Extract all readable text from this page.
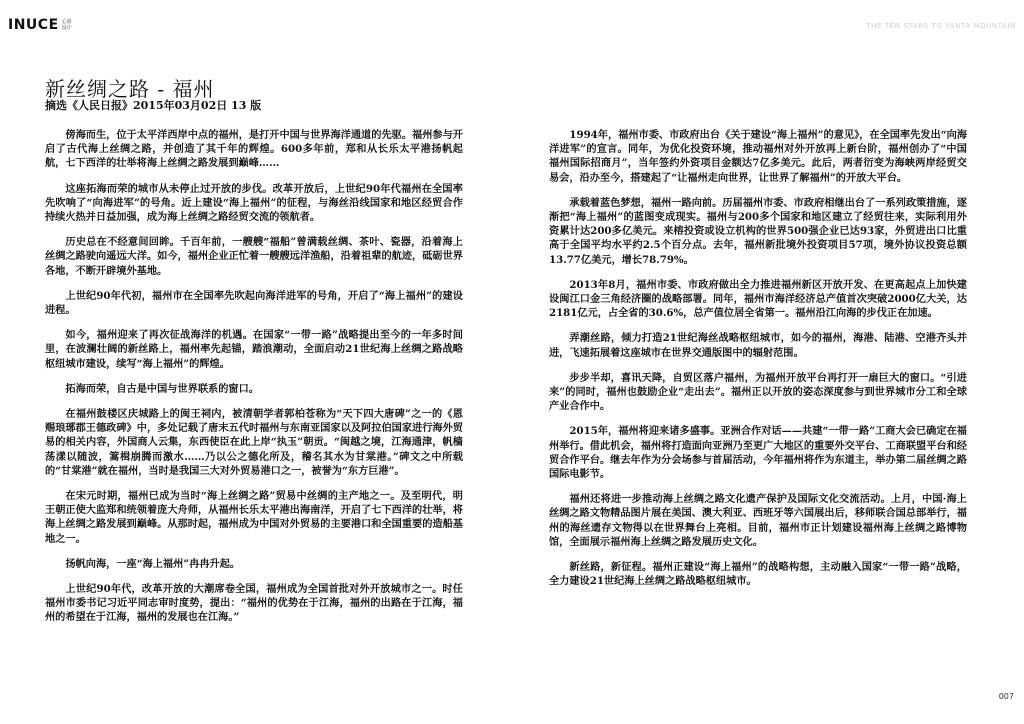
INUCE 心游
设计	THE TEN STARS TO YANTA MOUNTAIN
新丝绸之路 - 福州
摘选《人民日报》2015年03月02日 13 版

傍海而生，位于太平洋西岸中点的福州，是打开中国与世界海洋通道的先驱。福州参与开启了古代海上丝绸之路，并创造了其千年的辉煌。600多年前，郑和从长乐太平港扬帆起航，七下西洋的壮举将海上丝绸之路发展到巅峰……

这座拓海而荣的城市从未停止过开放的步伐。改革开放后，上世纪90年代福州在全国率先吹响了“向海进军”的号角。近上建设“海上福州”的征程，与海丝沿线国家和地区经贸合作持续火热并日益加强，成为海上丝绸之路经贸交流的领航者。

历史总在不经意间回眸。千百年前，一艘艘“福船”曾满载丝绸、茶叶、瓷器，沿着海上丝绸之路驶向遥远大洋。如今，福州企业正忙着一艘艘远洋渔船，沿着祖辈的航迹，砥砺世界各地，不断开辟境外基地。

上世纪90年代初，福州市在全国率先吹起向海洋进军的号角，开启了“海上福州”的建设进程。

如今，福州迎来了再次征战海洋的机遇。在国家“一带一路”战略提出至今的一年多时间里，在波澜壮阔的新丝路上，福州率先起锚，踏浪潮动，全面启动21世纪海上丝绸之路战略枢纽城市建设，续写“海上福州”的辉煌。

拓海而荣，自古是中国与世界联系的窗口。

在福州鼓楼区庆城路上的闽王祠内，被清朝学者郭柏苍称为“天下四大唐碑”之一的《恩赐琅琊郡王德政碑》中，多处记载了唐末五代时福州与东南亚国家以及阿拉伯国家进行海外贸易的相关内容，外国商人云集，东西使臣在此上岸“执玉”朝贡。“闽越之境，江海通津，帆樯荡漾以随波，篙楫崩腾而激水……乃以公之德化所及，稽名其水为甘棠港。”碑文之中所载的“甘棠港”就在福州，当时是我国三大对外贸易港口之一，被誉为“东方巨港”。

在宋元时期，福州已成为当时“海上丝绸之路”贸易中丝绸的主产地之一。及至明代，明王朝正使大监郑和统领着庞大舟师，从福州长乐太平港出海南洋，开启了七下西洋的壮举，将海上丝绸之路发展到巅峰。从那时起，福州成为中国对外贸易的主要港口和全国重要的造船基地之一。

扬帆向海，一座“海上福州”冉冉升起。

上世纪90年代，改革开放的大潮席卷全国，福州成为全国首批对外开放城市之一。时任福州市委书记习近平同志审时度势，提出：“福州的优势在于江海，福州的出路在于江海，福州的希望在于江海，福州的发展也在江海。”

1994年，福州市委、市政府出台《关于建设“海上福州”的意见》，在全国率先发出“向海洋进军”的宣言。同年，为优化投资环境，推动福州对外开放再上新台阶，福州创办了“中国福州国际招商月”，当年签约外资项目金额达7亿多美元。此后，两者衍变为海峡两岸经贸交易会，沿办至今，搭建起了“让福州走向世界，让世界了解福州”的开放大平台。

承载着蓝色梦想，福州一路向前。历届福州市委、市政府相继出台了一系列政策措施，逐渐把“海上福州”的蓝图变成现实。福州与200多个国家和地区建立了经贸往来，实际利用外资累计达200多亿美元。来榕投资或设立机构的世界500强企业已达93家，外贸进出口比重高于全国平均水平约2.5个百分点。去年，福州新批境外投资项目57项，境外协议投资总额13.77亿美元，增长78.79%。

2013年8月，福州市委、市政府做出全力推进福州新区开放开发、在更高起点上加快建设闽江口金三角经济圈的战略部署。同年，福州市海洋经济总产值首次突破2000亿大关，达2181亿元，占全省的30.6%，总产值位居全省第一。福州沿江向海的步伐正在加速。

弄潮丝路，倾力打造21世纪海丝战略枢纽城市，如今的福州，海港、陆港、空港齐头并进，飞速拓展着这座城市在世界交通版图中的辐射范围。

步步半却，喜讯天降，自贸区落户福州，为福州开放平台再打开一扇巨大的窗口。“引进来”的同时，福州也鼓励企业“走出去”。福州正以开放的姿态深度参与到世界城市分工和全球产业合作中。

2015年，福州将迎来诸多盛事。亚洲合作对话——共建“一带一路”工商大会已确定在福州举行。借此机会，福州将打造面向亚洲乃至更广大地区的重要外交平台、工商联盟平台和经贸合作平台。继去年作为分会场参与首届活动，今年福州将作为东道主，举办第二届丝绸之路国际电影节。

福州还将进一步推动海上丝绸之路文化遗产保护及国际文化交流活动。上月，中国·海上丝绸之路文物精品图片展在美国、澳大利亚、西班牙等六国展出后，移师联合国总部举行，福州的海丝遗存文物得以在世界舞台上亮相。目前，福州市正计划建设福州海上丝绸之路博物馆，全面展示福州海上丝绸之路发展历史文化。

新丝路，新征程。福州正建设“海上福州”的战略构想，主动融入国家“一带一路”战略，全力建设21世纪海上丝绸之路战略枢纽城市。

007
